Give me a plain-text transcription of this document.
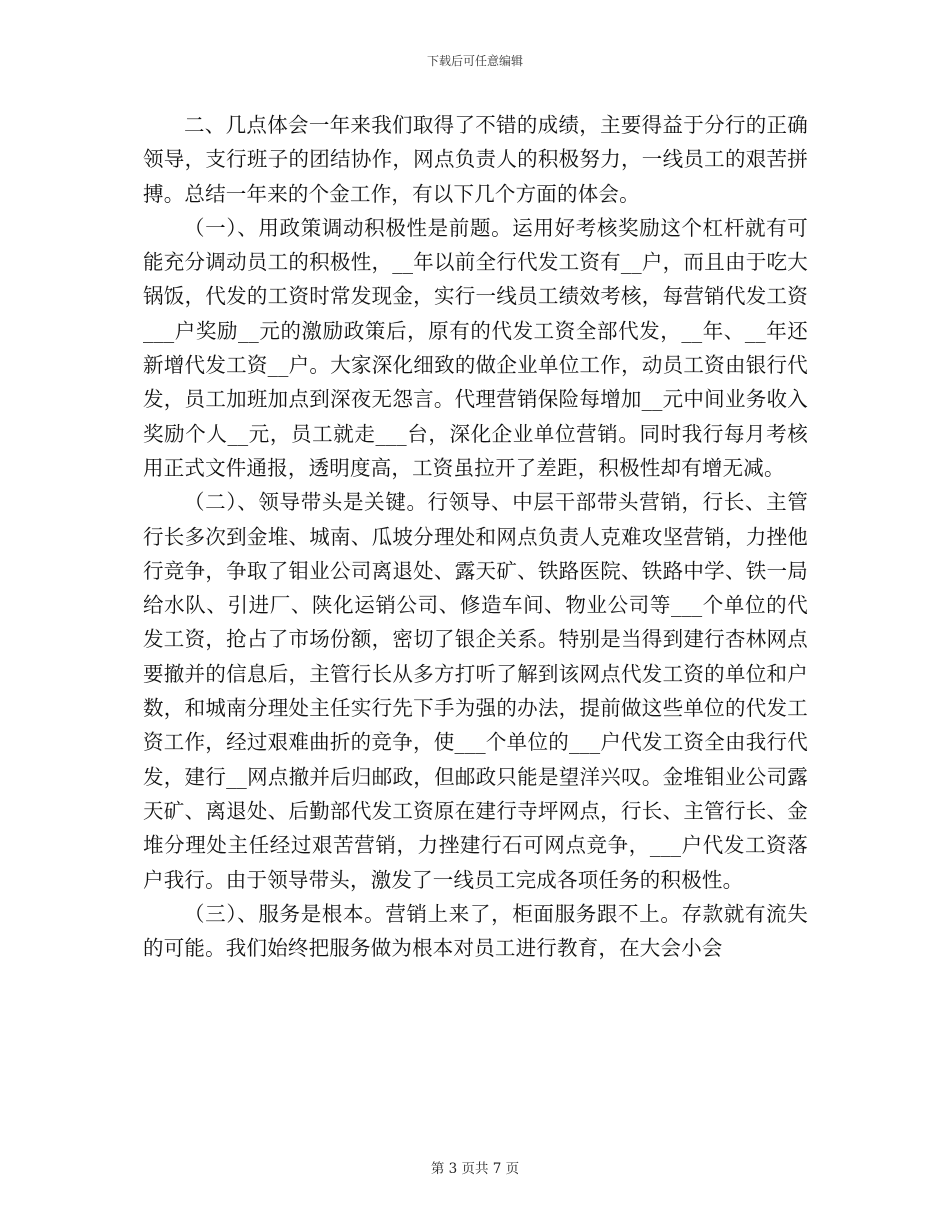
下载后可任意编辑

二、几点体会一年来我们取得了不错的成绩，主要得益于分行的正确领导，支行班子的团结协作，网点负责人的积极努力，一线员工的艰苦拼搏。总结一年来的个金工作，有以下几个方面的体会。

（一）、用政策调动积极性是前题。运用好考核奖励这个杠杆就有可能充分调动员工的积极性，__年以前全行代发工资有__户，而且由于吃大锅饭，代发的工资时常发现金，实行一线员工绩效考核，每营销代发工资___户奖励__元的激励政策后，原有的代发工资全部代发，__年、__年还新增代发工资__户。大家深化细致的做企业单位工作，动员工资由银行代发，员工加班加点到深夜无怨言。代理营销保险每增加__元中间业务收入奖励个人__元，员工就走___台，深化企业单位营销。同时我行每月考核用正式文件通报，透明度高，工资虽拉开了差距，积极性却有增无减。

（二）、领导带头是关键。行领导、中层干部带头营销，行长、主管行长多次到金堆、城南、瓜坡分理处和网点负责人克难攻坚营销，力挫他行竞争，争取了钼业公司离退处、露天矿、铁路医院、铁路中学、铁一局给水队、引进厂、陕化运销公司、修造车间、物业公司等___个单位的代发工资，抢占了市场份额，密切了银企关系。特别是当得到建行杏林网点要撤并的信息后，主管行长从多方打听了解到该网点代发工资的单位和户数，和城南分理处主任实行先下手为强的办法，提前做这些单位的代发工资工作，经过艰难曲折的竞争，使___个单位的___户代发工资全由我行代发，建行__网点撤并后归邮政，但邮政只能是望洋兴叹。金堆钼业公司露天矿、离退处、后勤部代发工资原在建行寺坪网点，行长、主管行长、金堆分理处主任经过艰苦营销，力挫建行石可网点竞争，___户代发工资落户我行。由于领导带头，激发了一线员工完成各项任务的积极性。

（三）、服务是根本。营销上来了，柜面服务跟不上。存款就有流失的可能。我们始终把服务做为根本对员工进行教育，在大会小会

第 3 页共 7 页
